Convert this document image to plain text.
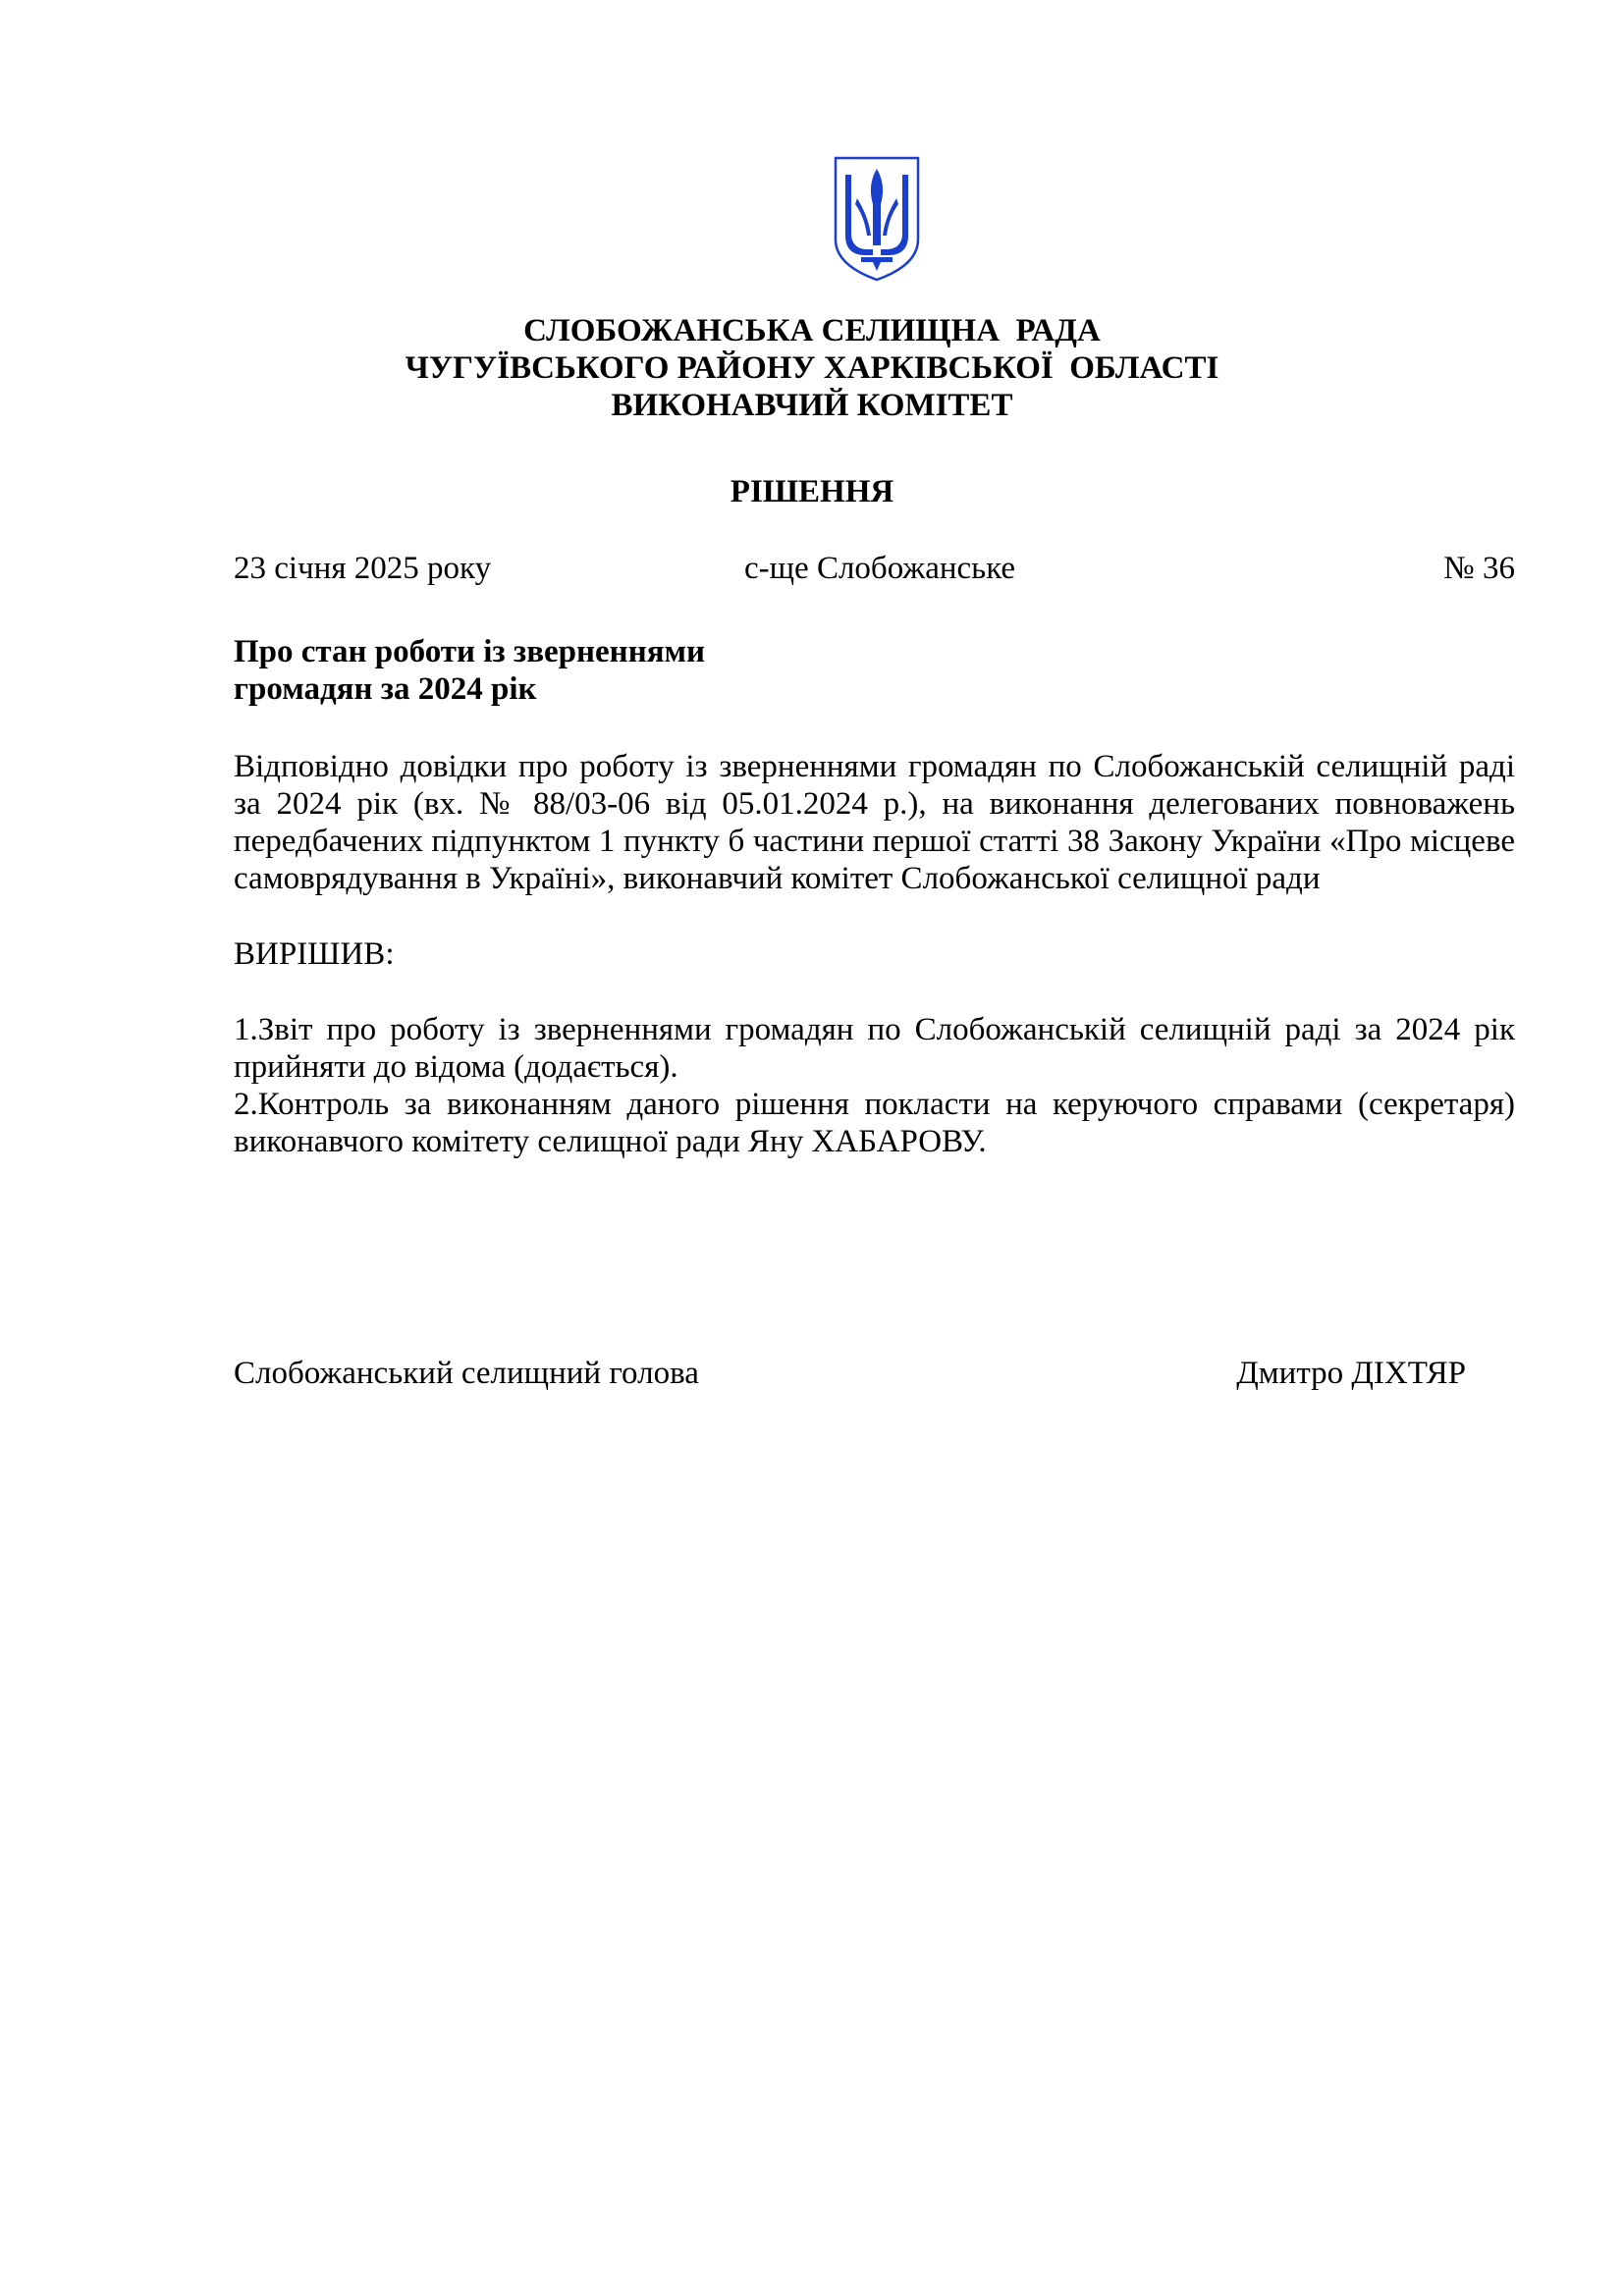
СЛОБОЖАНСЬКА СЕЛИЩНА  РАДА
ЧУГУЇВСЬКОГО РАЙОНУ ХАРКІВСЬКОЇ  ОБЛАСТІ
ВИКОНАВЧИЙ КОМІТЕТ
РІШЕННЯ
23 січня 2025 року	с-ще Слобожанське	№ 36
Про стан роботи із зверненнями
громадян за 2024 рік
Відповідно довідки про роботу із зверненнями громадян по Слобожанській селищній раді за 2024 рік (вх. № 88/03-06 від 05.01.2024 р.), на виконання делегованих повноважень передбачених підпунктом 1 пункту б частини першої статті 38 Закону України «Про місцеве самоврядування в Україні», виконавчий комітет Слобожанської селищної ради
ВИРІШИВ:

1.Звіт про роботу із зверненнями громадян по Слобожанській селищній раді за 2024 рік прийняти до відома (додається).

2.Контроль за виконанням даного рішення покласти на керуючого справами (секретаря) виконавчого комітету селищної ради Яну ХАБАРОВУ.

Слобожанський селищний голова	Дмитро ДІХТЯР
